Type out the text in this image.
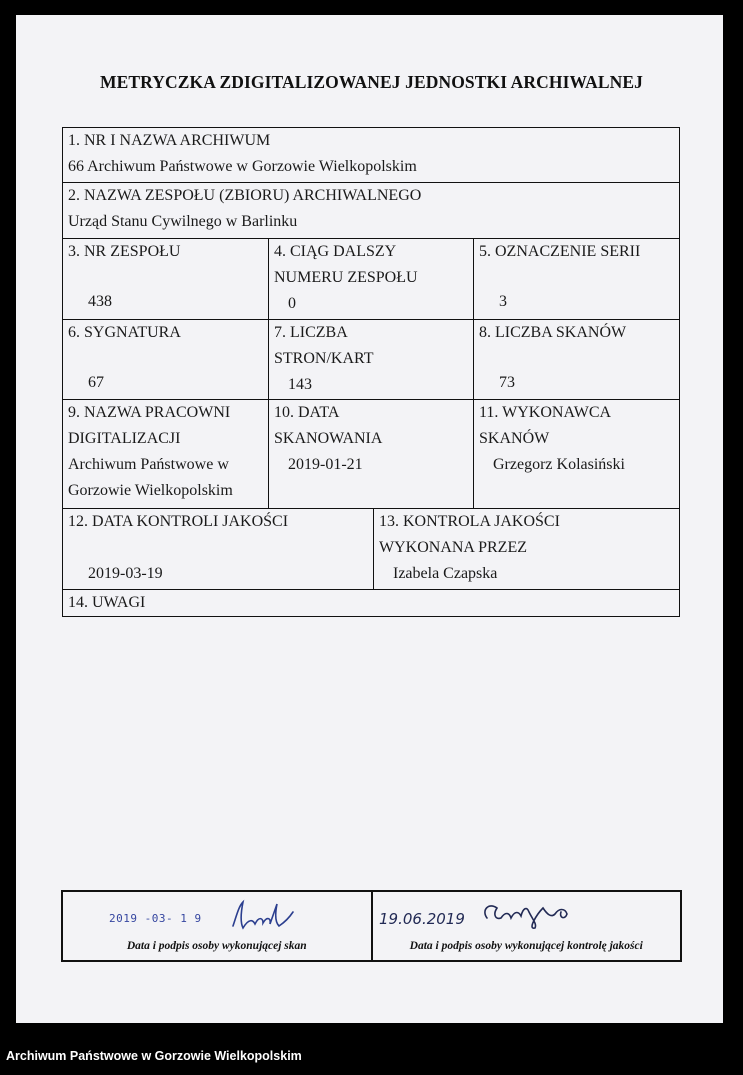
METRYCZKA ZDIGITALIZOWANEJ JEDNOSTKI ARCHIWALNEJ
1. NR I NAZWA ARCHIWUM
66 Archiwum Państwowe w Gorzowie Wielkopolskim
2. NAZWA ZESPOŁU (ZBIORU) ARCHIWALNEGO
Urząd Stanu Cywilnego w Barlinku
3. NR ZESPOŁU
438
4. CIĄG DALSZY
NUMERU ZESPOŁU
0
5. OZNACZENIE SERII
3
6. SYGNATURA
67
7. LICZBA
STRON/KART
143
8. LICZBA SKANÓW
73
9. NAZWA PRACOWNI
DIGITALIZACJI
Archiwum Państwowe w
Gorzowie Wielkopolskim
10. DATA
SKANOWANIA
2019-01-21
11. WYKONAWCA
SKANÓW
Grzegorz Kolasiński
12. DATA KONTROLI JAKOŚCI
2019-03-19
13. KONTROLA JAKOŚCI
WYKONANA PRZEZ
Izabela Czapska
14. UWAGI
2019 -03- 1 9
Data i podpis osoby wykonującej skan
19.06.2019
Data i podpis osoby wykonującej kontrolę jakości
Archiwum Państwowe w Gorzowie Wielkopolskim
